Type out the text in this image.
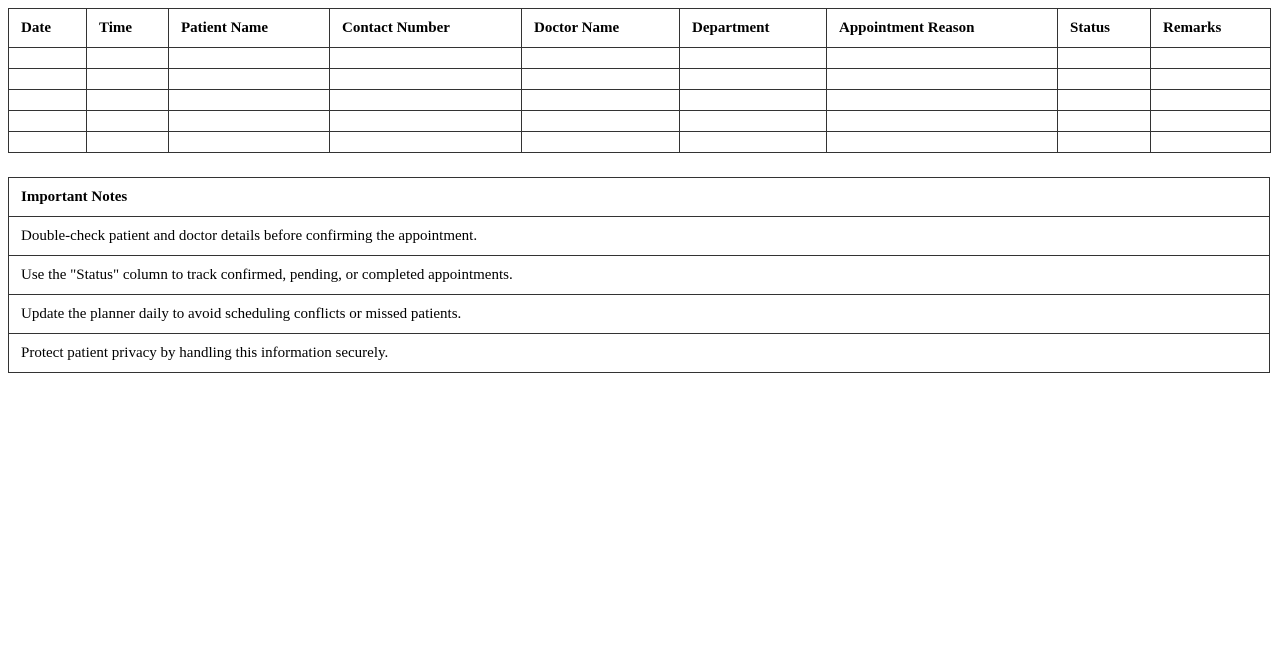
Date	Time	Patient Name	Contact Number	Doctor Name	Department	Appointment Reason	Status	Remarks

Important Notes
Double-check patient and doctor details before confirming the appointment.
Use the "Status" column to track confirmed, pending, or completed appointments.
Update the planner daily to avoid scheduling conflicts or missed patients.
Protect patient privacy by handling this information securely.
